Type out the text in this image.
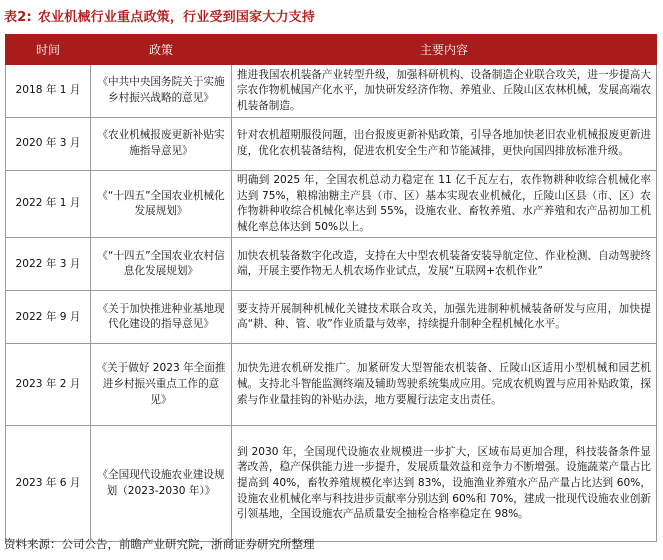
表2: 农业机械行业重点政策，行业受到国家大力支持
时间	政策	主要内容
2018 年 1 月	《中共中央国务院关于实施乡村振兴战略的意见》	推进我国农机装备产业转型升级，加强科研机构、设备制造企业联合攻关，进一步提高大宗农作物机械国产化水平，加快研发经济作物、养殖业、丘陵山区农林机械，发展高端农机装备制造。
2020 年 3 月	《农业机械报废更新补贴实施指导意见》	针对农机超期服役问题，出台报废更新补贴政策，引导各地加快老旧农业机械报废更新进度，优化农机装备结构，促进农机安全生产和节能减排，更快向国四排放标准升级。
2022 年 1 月	《“十四五”全国农业机械化发展规划》	明确到 2025 年，全国农机总动力稳定在 11 亿千瓦左右，农作物耕种收综合机械化率达到 75%，粮棉油糖主产县（市、区）基本实现农业机械化，丘陵山区县（市、区）农作物耕种收综合机械化率达到 55%，设施农业、畜牧养殖、水产养殖和农产品初加工机械化率总体达到 50%以上。
2022 年 3 月	《“十四五”全国农业农村信息化发展规划》	加快农机装备数字化改造，支持在大中型农机装备安装导航定位、作业检测、自动驾驶终端，开展主要作物无人机农场作业试点，发展“互联网+农机作业”
2022 年 9 月	《关于加快推进种业基地现代化建设的指导意见》	要支持开展制种机械化关键技术联合攻关，加强先进制种机械装备研发与应用，加快提高“耕、种、管、收”作业质量与效率，持续提升制种全程机械化水平。
2023 年 2 月	《关于做好 2023 年全面推进乡村振兴重点工作的意见》	加快先进农机研发推广。加紧研发大型智能农机装备、丘陵山区适用小型机械和园艺机械。支持北斗智能监测终端及辅助驾驶系统集成应用。完成农机购置与应用补贴政策，探索与作业量挂钩的补贴办法，地方要履行法定支出责任。
2023 年 6 月	《全国现代设施农业建设规划（2023-2030 年）》	到 2030 年，全国现代设施农业规模进一步扩大，区域布局更加合理，科技装备条件显著改善，稳产保供能力进一步提升，发展质量效益和竞争力不断增强。设施蔬菜产量占比提高到 40%，畜牧养殖规模化率达到 83%，设施渔业养殖水产品产量占比达到 60%，设施农业机械化率与科技进步贡献率分别达到 60%和 70%，建成一批现代设施农业创新引领基地，全国设施农产品质量安全抽检合格率稳定在 98%。
资料来源：公司公告，前瞻产业研究院，浙商证券研究所整理
